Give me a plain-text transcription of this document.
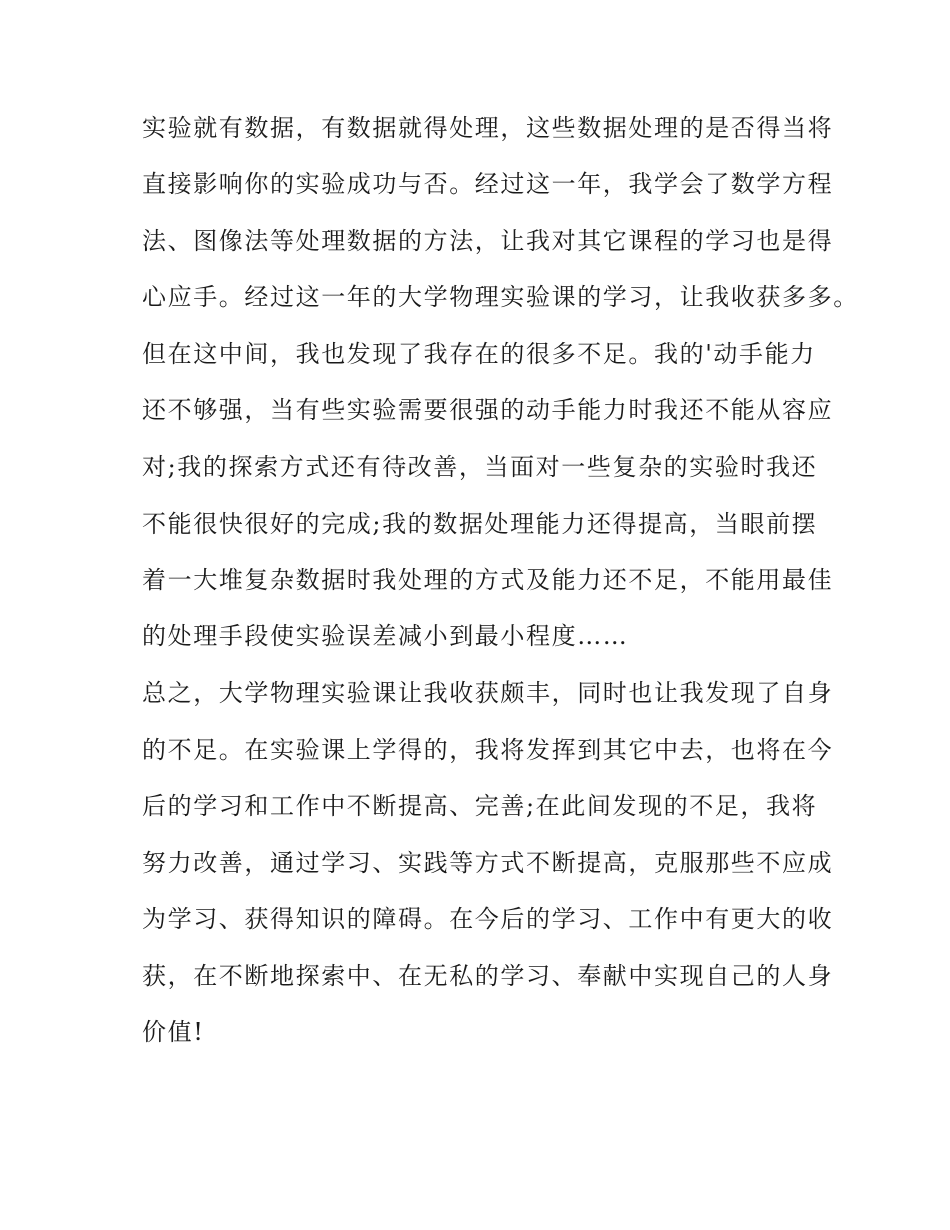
实验就有数据，有数据就得处理，这些数据处理的是否得当将

直接影响你的实验成功与否。经过这一年，我学会了数学方程

法、图像法等处理数据的方法，让我对其它课程的学习也是得

心应手。经过这一年的大学物理实验课的学习，让我收获多多。

但在这中间，我也发现了我存在的很多不足。我的'动手能力

还不够强，当有些实验需要很强的动手能力时我还不能从容应

对;我的探索方式还有待改善，当面对一些复杂的实验时我还

不能很快很好的完成;我的数据处理能力还得提高，当眼前摆

着一大堆复杂数据时我处理的方式及能力还不足，不能用最佳

的处理手段使实验误差减小到最小程度……

总之，大学物理实验课让我收获颇丰，同时也让我发现了自身

的不足。在实验课上学得的，我将发挥到其它中去，也将在今

后的学习和工作中不断提高、完善;在此间发现的不足，我将

努力改善，通过学习、实践等方式不断提高，克服那些不应成

为学习、获得知识的障碍。在今后的学习、工作中有更大的收

获，在不断地探索中、在无私的学习、奉献中实现自己的人身

价值!
